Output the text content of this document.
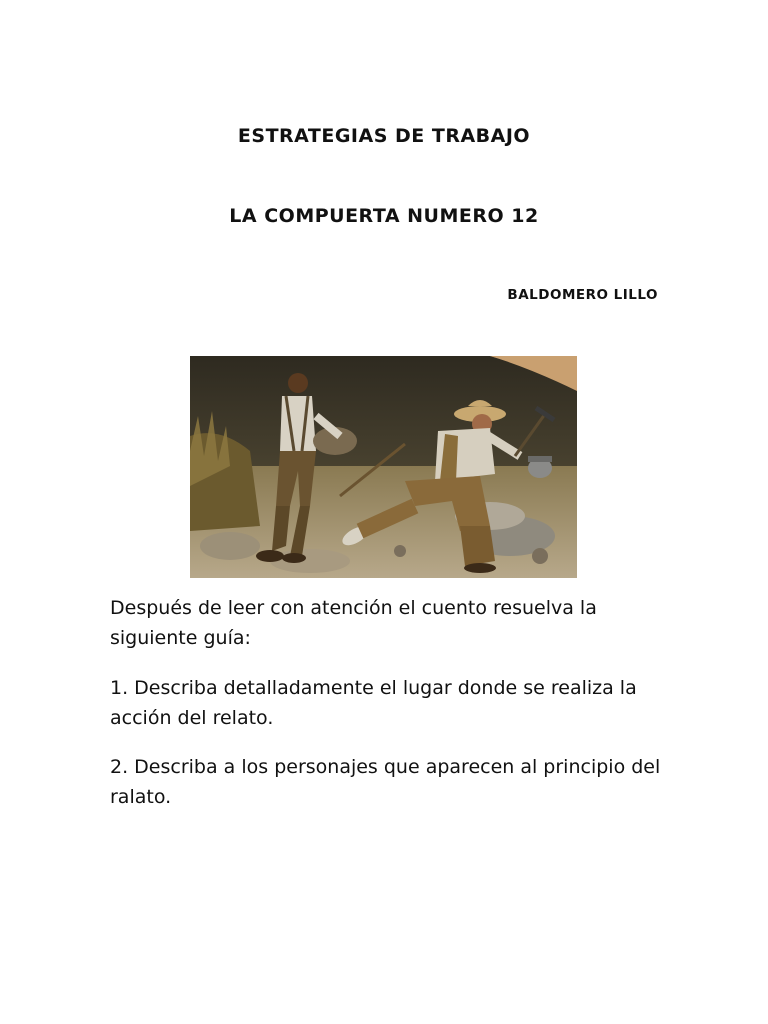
ESTRATEGIAS DE TRABAJO
LA COMPUERTA NUMERO 12
BALDOMERO LILLO
Después de leer con atención el cuento resuelva la siguiente guía:
1. Describa detalladamente el lugar donde se realiza la acción del relato.
2. Describa a los personajes que aparecen al principio del ralato.
